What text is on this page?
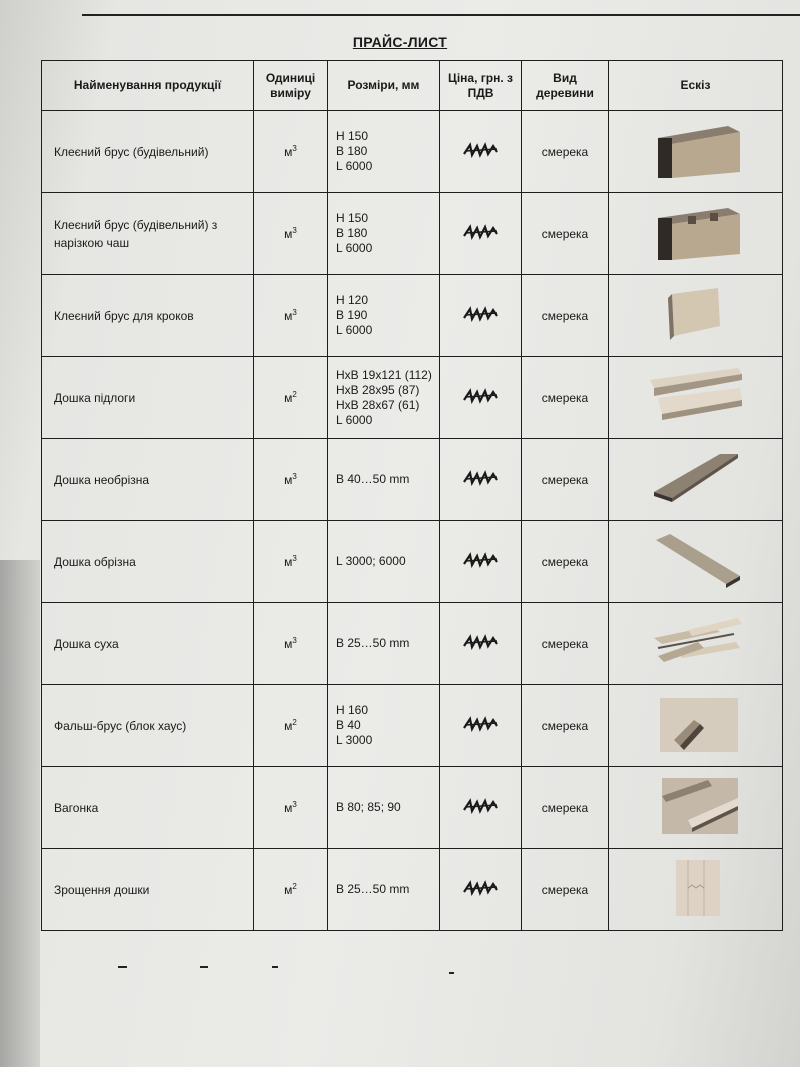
ПРАЙС-ЛИСТ
Найменування продукції	Одиниці виміру	Розміри, мм	Ціна, грн. з ПДВ	Вид деревини	Ескіз
Клеєний брус (будівельний)	$м^3$	Н 150
В 180
L 6000		смерека	
Клеєний брус (будівельний) з нарізкою чаш	$м^3$	Н 150
В 180
L 6000		смерека	
Клеєний брус для кроков	$м^3$	Н 120
В 190
L 6000		смерека	
Дошка підлоги	$м^2$	НхВ 19х121 (112)
НхВ 28х95 (87)
НхВ 28х67 (61)
L 6000		смерека	
Дошка необрізна	$м^3$	В 40…50 mm		смерека	
Дошка обрізна	$м^3$	L 3000; 6000		смерека	
Дошка суха	$м^3$	В 25…50 mm		смерека	
Фальш-брус (блок хаус)	$м^2$	Н 160
В 40
L 3000		смерека	
Вагонка	$м^3$	В 80; 85; 90		смерека	
Зрощення дошки	$м^2$	В 25…50 mm		смерека	
